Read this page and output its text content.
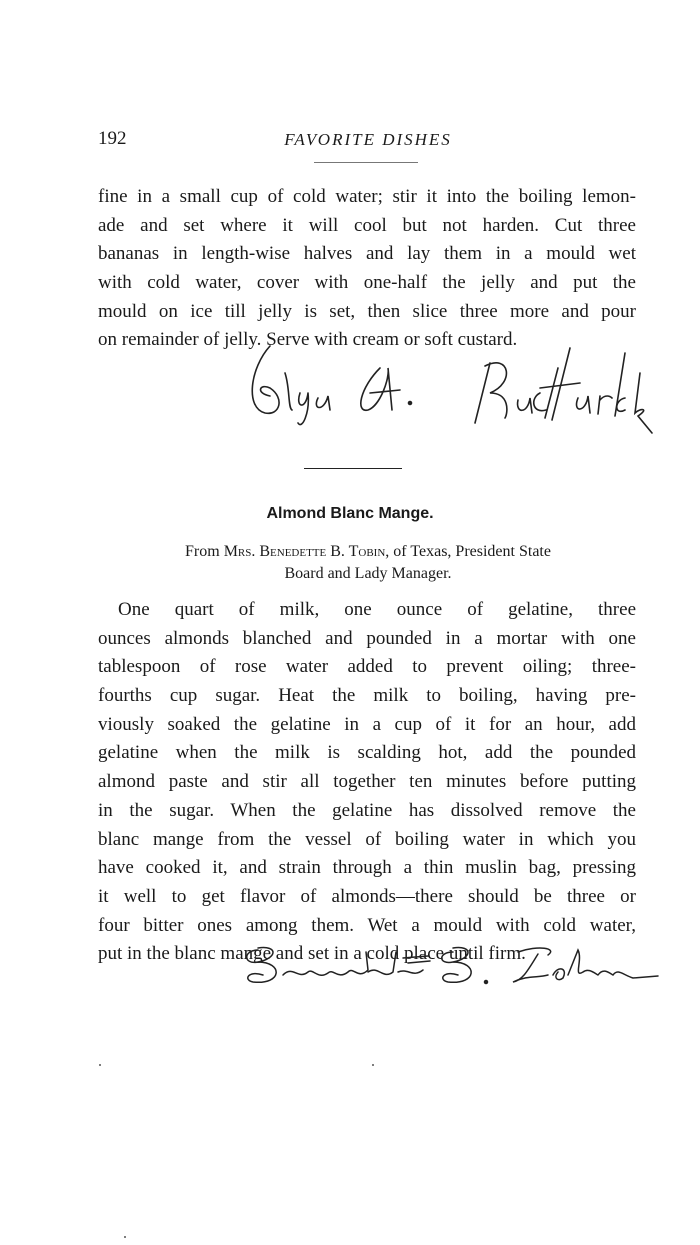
192	FAVORITE DISHES
fine in a small cup of cold water; stir it into the boiling lemon-
ade and set where it will cool but not harden. Cut three
bananas in length-wise halves and lay them in a mould wet
with cold water, cover with one-half the jelly and put the
mould on ice till jelly is set, then slice three more and pour
on remainder of jelly. Serve with cream or soft custard.
Almond Blanc Mange.
From Mrs. Benedette B. Tobin, of Texas, President State
Board and Lady Manager.
One quart of milk, one ounce of gelatine, three
ounces almonds blanched and pounded in a mortar with one
tablespoon of rose water added to prevent oiling; three-
fourths cup sugar. Heat the milk to boiling, having pre-
viously soaked the gelatine in a cup of it for an hour, add
gelatine when the milk is scalding hot, add the pounded
almond paste and stir all together ten minutes before putting
in the sugar. When the gelatine has dissolved remove the
blanc mange from the vessel of boiling water in which you
have cooked it, and strain through a thin muslin bag, pressing
it well to get flavor of almonds—there should be three or
four bitter ones among them. Wet a mould with cold water,
put in the blanc mange and set in a cold place until firm.
